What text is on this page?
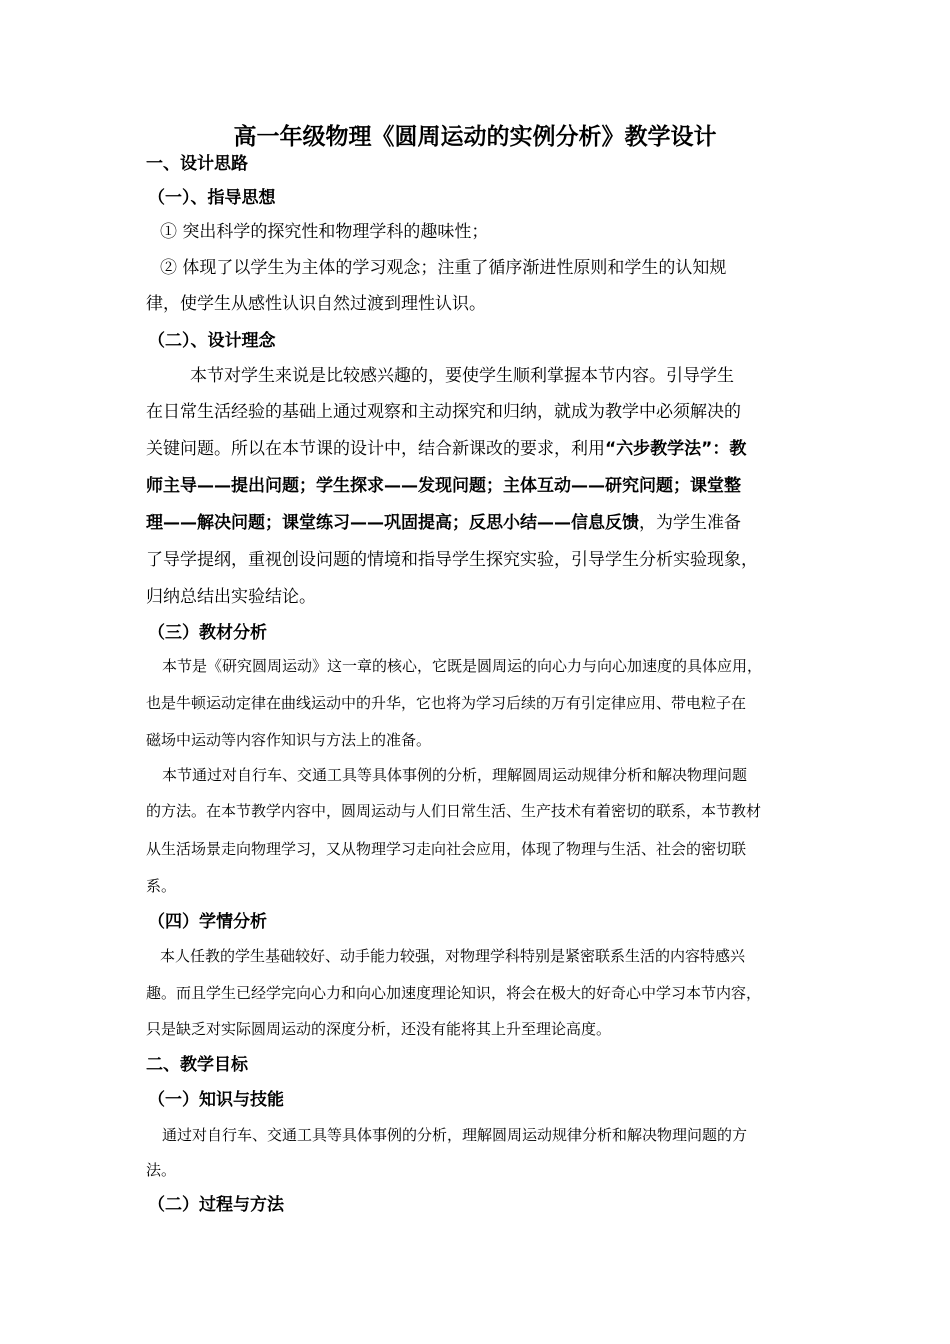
高一年级物理《圆周运动的实例分析》教学设计
一、设计思路
（一）、指导思想
① 突出科学的探究性和物理学科的趣味性；
② 体现了以学生为主体的学习观念；注重了循序渐进性原则和学生的认知规
律，使学生从感性认识自然过渡到理性认识。
（二）、设计理念
本节对学生来说是比较感兴趣的，要使学生顺利掌握本节内容。引导学生
在日常生活经验的基础上通过观察和主动探究和归纳，就成为教学中必须解决的
关键问题。所以在本节课的设计中，结合新课改的要求，利用“六步教学法”：教
师主导——提出问题；学生探求——发现问题；主体互动——研究问题；课堂整
理——解决问题；课堂练习——巩固提高；反思小结——信息反馈，为学生准备
了导学提纲，重视创设问题的情境和指导学生探究实验，引导学生分析实验现象，
归纳总结出实验结论。
（三）教材分析
本节是《研究圆周运动》这一章的核心，它既是圆周运的向心力与向心加速度的具体应用，
也是牛顿运动定律在曲线运动中的升华，它也将为学习后续的万有引定律应用、带电粒子在
磁场中运动等内容作知识与方法上的准备。
本节通过对自行车、交通工具等具体事例的分析，理解圆周运动规律分析和解决物理问题
的方法。在本节教学内容中，圆周运动与人们日常生活、生产技术有着密切的联系，本节教材
从生活场景走向物理学习，又从物理学习走向社会应用，体现了物理与生活、社会的密切联
系。
（四）学情分析
本人任教的学生基础较好、动手能力较强，对物理学科特别是紧密联系生活的内容特感兴
趣。而且学生已经学完向心力和向心加速度理论知识，将会在极大的好奇心中学习本节内容，
只是缺乏对实际圆周运动的深度分析，还没有能将其上升至理论高度。
二、教学目标
（一）知识与技能
通过对自行车、交通工具等具体事例的分析，理解圆周运动规律分析和解决物理问题的方
法。
（二）过程与方法
